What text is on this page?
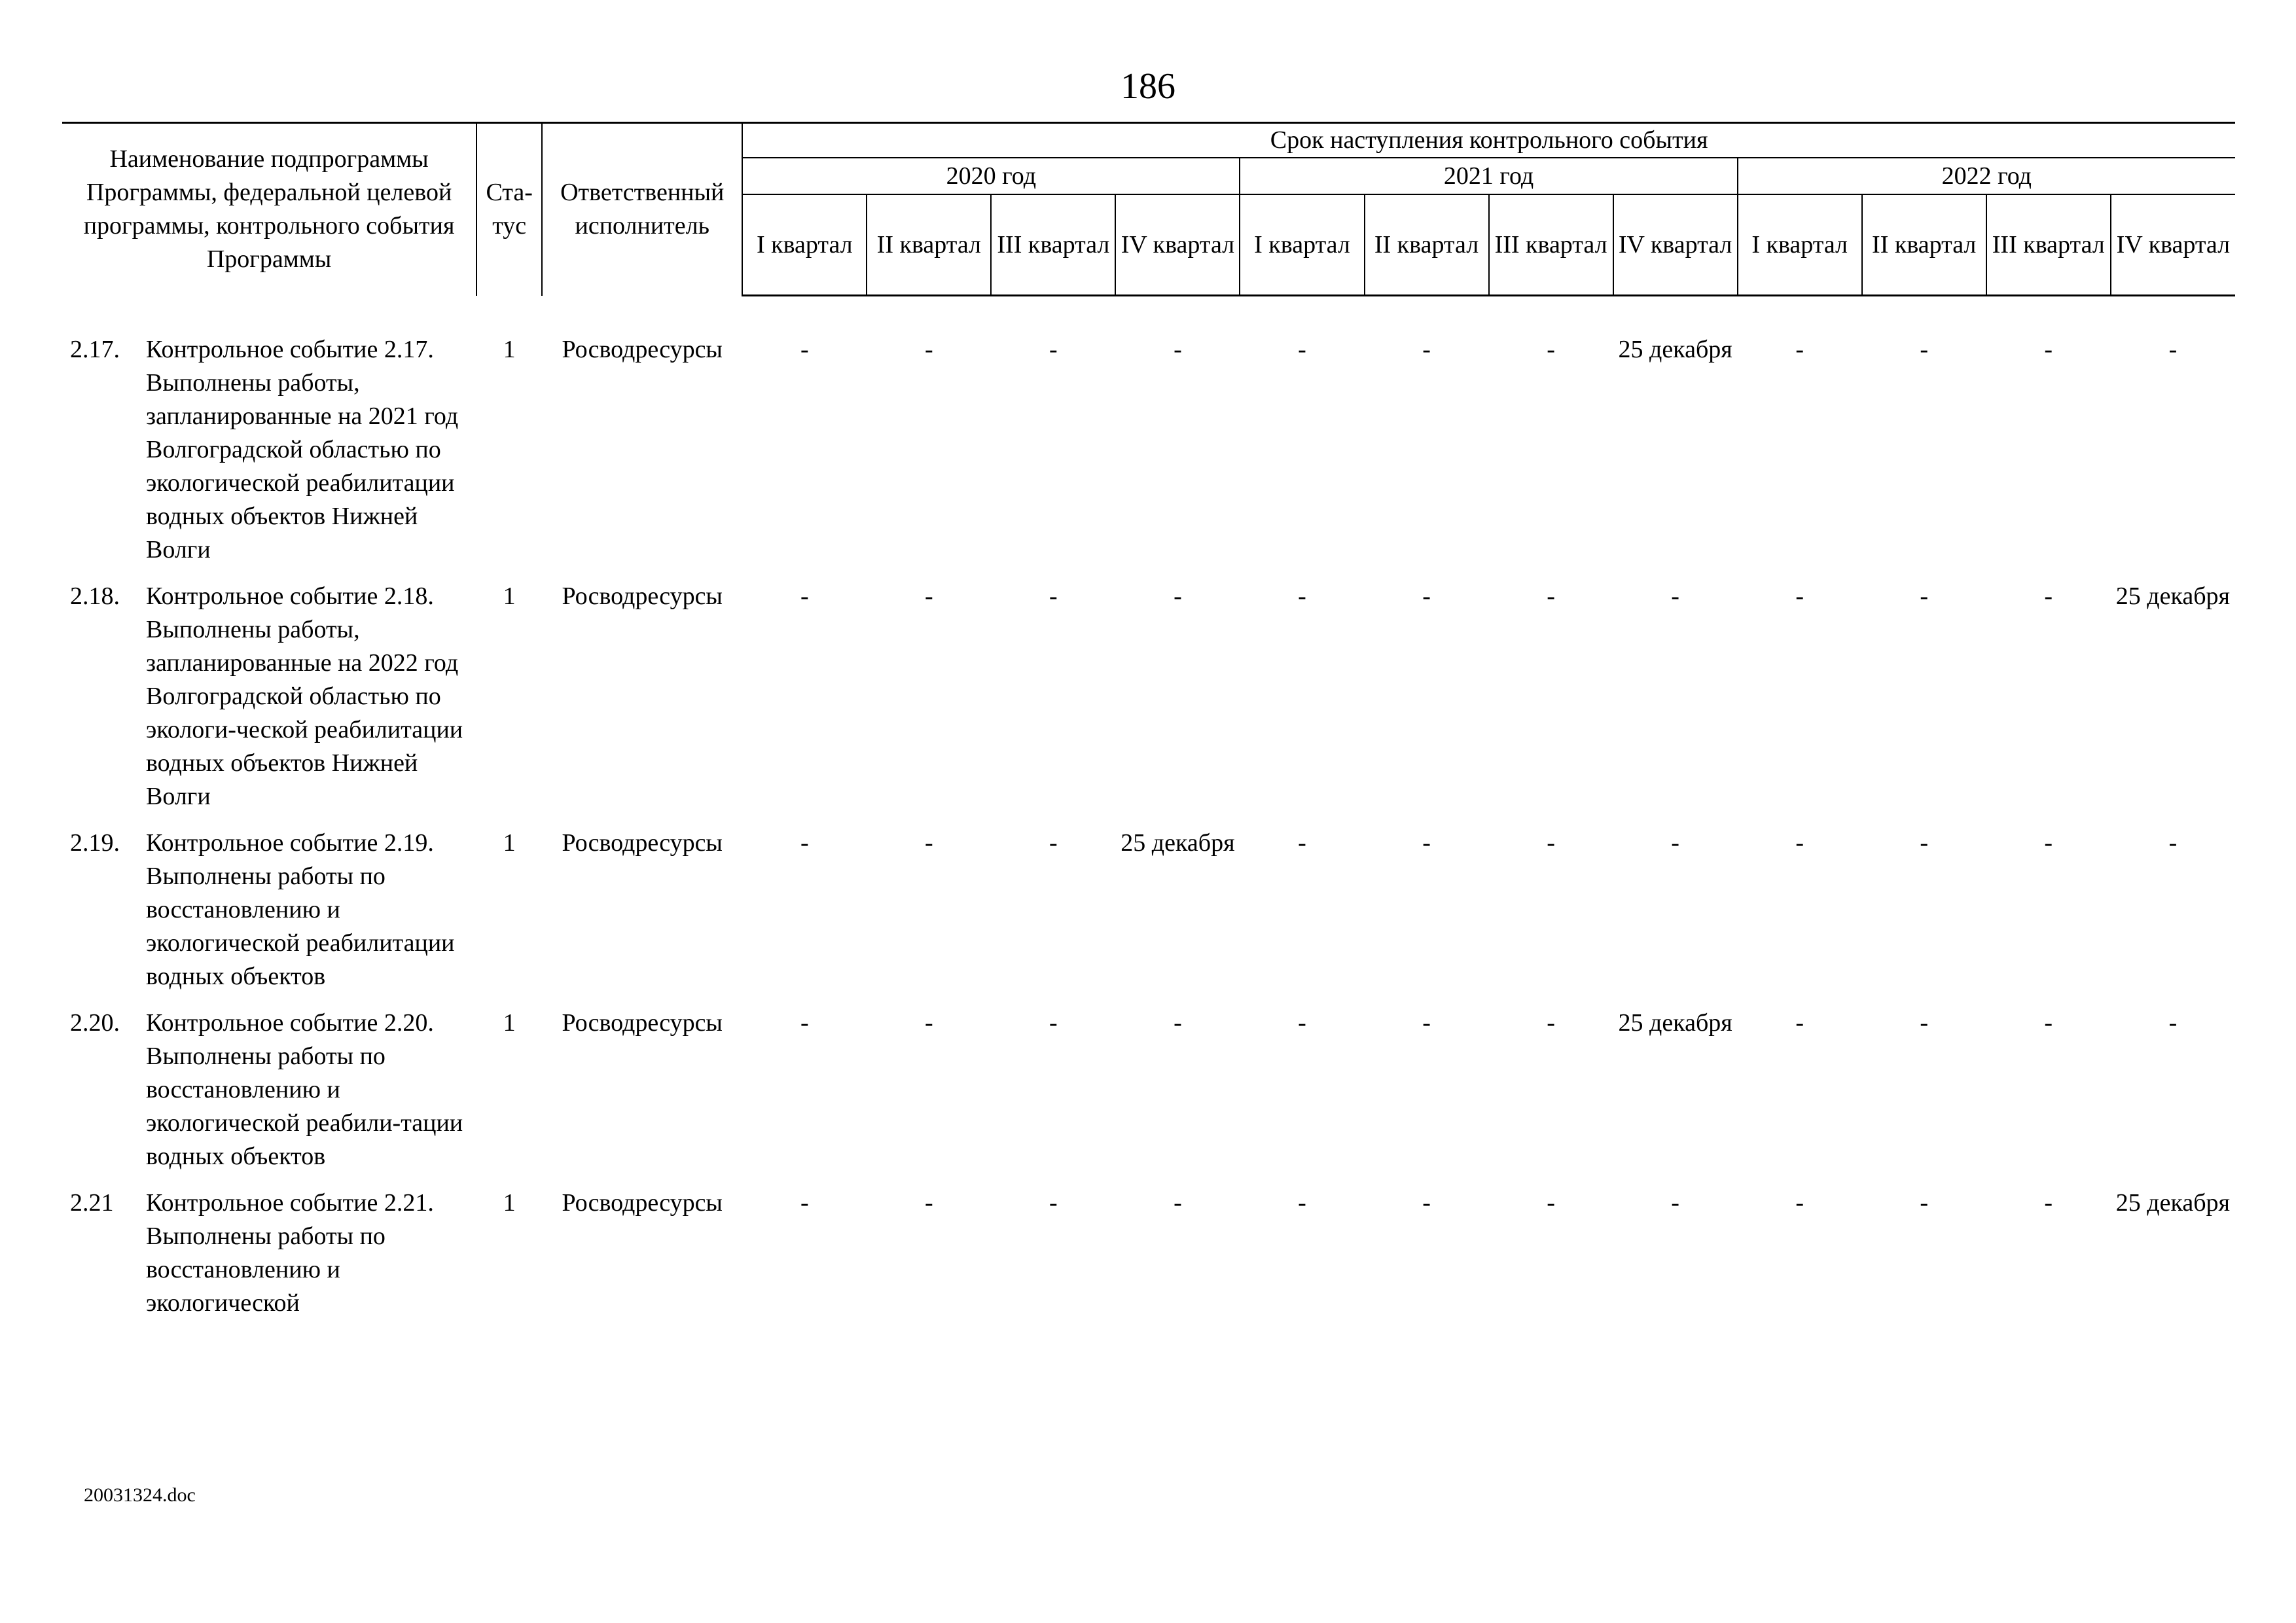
186
Наименование подпрограммы Программы, федеральной целевой программы, контрольного события Программы	Ста-тус	Ответственный исполнитель	Срок наступления контрольного события											
			2020 год				2021 год				2022 год			
			I квартал	II квартал	III квартал	IV квартал	I квартал	II квартал	III квартал	IV квартал	I квартал	II квартал	III квартал	IV квартал

2.17. Контрольное событие 2.17. Выполнены работы, запланированные на 2021 год Волгоградской областью по экологической реабилитации водных объектов Нижней Волги	1	Росводресурсы	-	-	-	-	-	-	-	25 декабря	-	-	-	-

2.18. Контрольное событие 2.18. Выполнены работы, запланированные на 2022 год Волгоградской областью по экологи-ческой реабилитации водных объектов Нижней Волги	1	Росводресурсы	-	-	-	-	-	-	-	-	-	-	-	25 декабря

2.19. Контрольное событие 2.19. Выполнены работы по восстановлению и экологической реабилитации водных объектов	1	Росводресурсы	-	-	-	25 декабря	-	-	-	-	-	-	-	-

2.20. Контрольное событие 2.20. Выполнены работы по восстановлению и экологической реабили-тации водных объектов	1	Росводресурсы	-	-	-	-	-	-	-	25 декабря	-	-	-	-

2.21 Контрольное событие 2.21. Выполнены работы по восстановлению и экологической	1	Росводресурсы	-	-	-	-	-	-	-	-	-	-	-	25 декабря

20031324.doc
